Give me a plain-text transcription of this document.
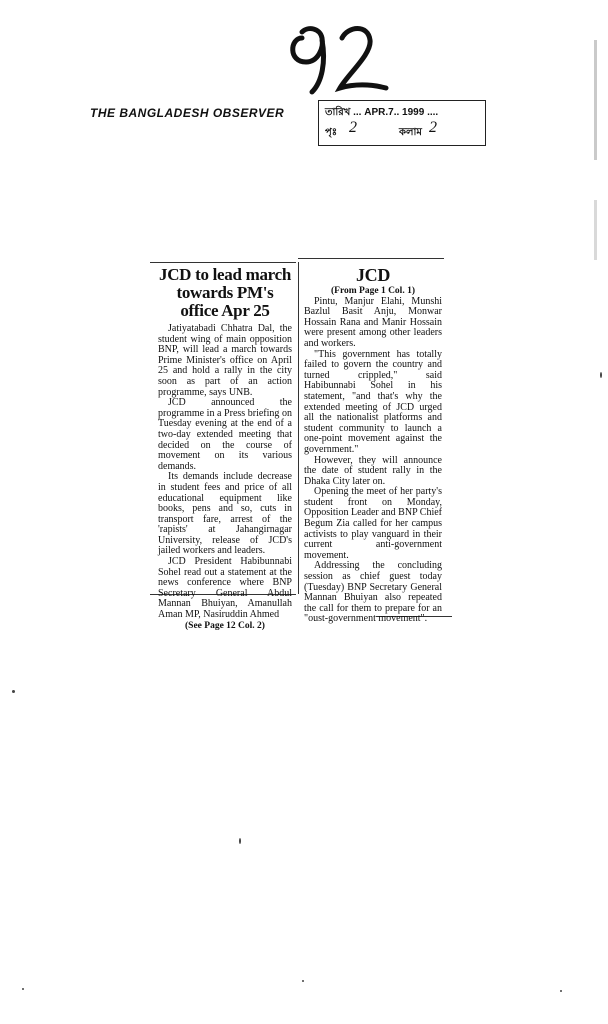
THE BANGLADESH OBSERVER	তারিখ ... APR.7.. 1999 ....
পৃঃ 2	কলাম 2
JCD to lead march towards PM's office Apr 25

Jatiyatabadi Chhatra Dal, the student wing of main opposition BNP, will lead a march towards Prime Minister's office on April 25 and hold a rally in the city soon as part of an action programme, says UNB.

JCD announced the programme in a Press briefing on Tuesday evening at the end of a two-day extended meeting that decided on the course of movement on its various demands.

Its demands include decrease in student fees and price of all educational equipment like books, pens and so, cuts in transport fare, arrest of the 'rapists' at Jahangirnagar University, release of JCD's jailed workers and leaders.

JCD President Habibunnabi Sohel read out a statement at the news conference where BNP Secretary General Abdul Mannan Bhuiyan, Amanullah Aman MP, Nasiruddin Ahmed

(See Page 12 Col. 2)

JCD

(From Page 1 Col. 1)

Pintu, Manjur Elahi, Munshi Bazlul Basit Anju, Monwar Hossain Rana and Manir Hossain were present among other leaders and workers.

"This government has totally failed to govern the country and turned crippled," said Habibunnabi Sohel in his statement, "and that's why the extended meeting of JCD urged all the nationalist platforms and student community to launch a one-point movement against the government."

However, they will announce the date of student rally in the Dhaka City later on.

Opening the meet of her party's student front on Monday, Opposition Leader and BNP Chief Begum Zia called for her campus activists to play vanguard in their current anti-government movement.

Addressing the concluding session as chief guest today (Tuesday) BNP Secretary General Mannan Bhuiyan also repeated the call for them to prepare for an "oust-government movement".
